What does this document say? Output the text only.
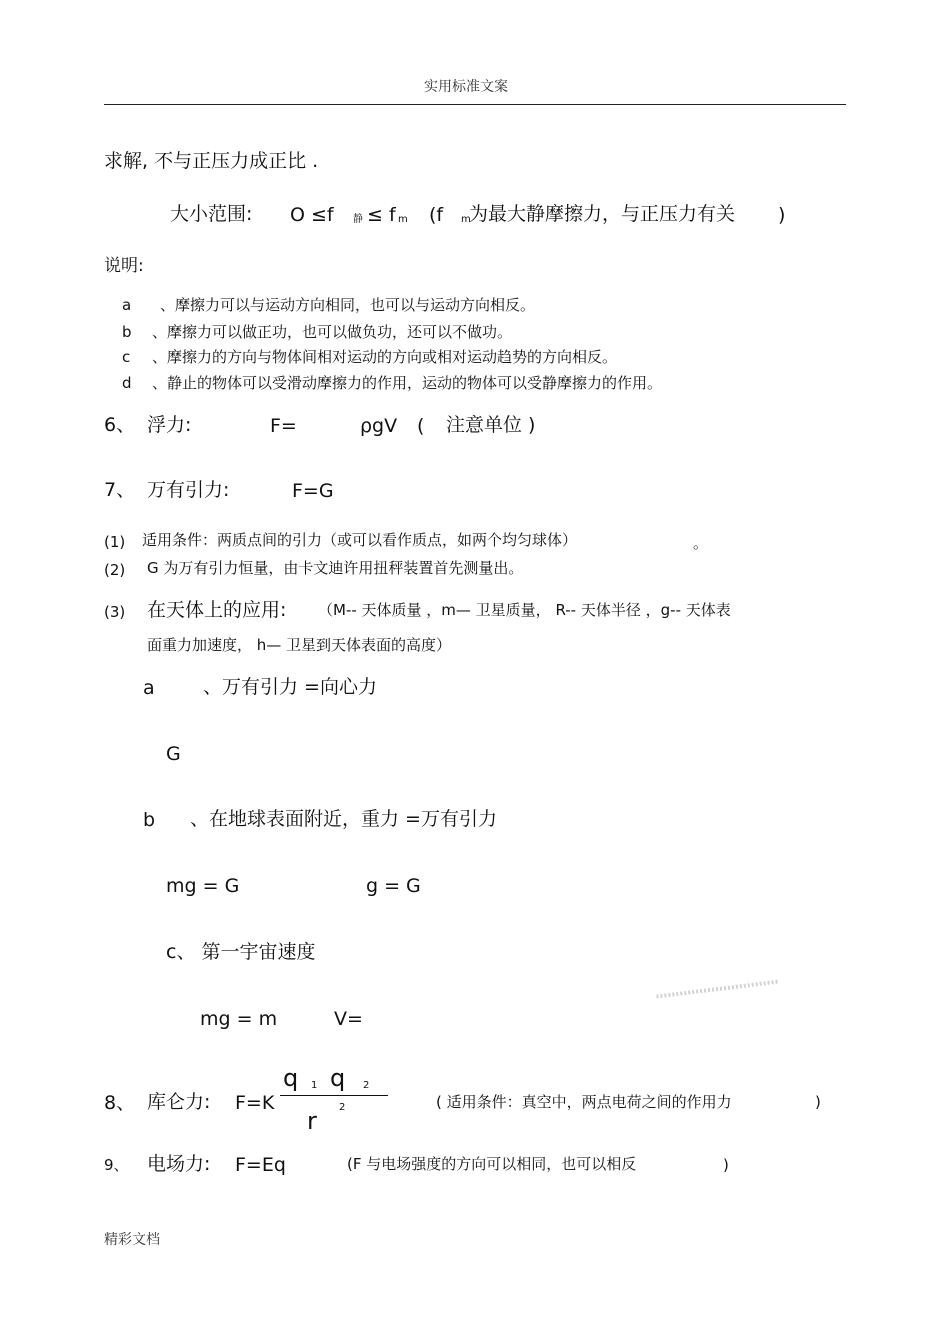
实用标准文案
求解, 不与正压力成正比 .
大小范围: O ≤f 静 ≤ f m (f m
为最大静摩擦力，与正压力有关 )
说明:
a 、摩擦力可以与运动方向相同，也可以与运动方向相反。
b 、摩擦力可以做正功，也可以做负功，还可以不做功。
c 、摩擦力的方向与物体间相对运动的方向或相对运动趋势的方向相反。
d 、静止的物体可以受滑动摩擦力的作用，运动的物体可以受静摩擦力的作用。
6、 浮力:	F=	ρgV ( 注意单位 )
7、 万有引力:	F=G
(1) 适用条件：两质点间的引力（或可以看作质点，如两个均匀球体）	。
(2) G 为万有引力恒量，由卡文迪许用扭秤装置首先测量出。
(3) 在天体上的应用: （M-- 天体质量 ，m— 卫星质量， R-- 天体半径 ，g-- 天体表
面重力加速度， h— 卫星到天体表面的高度）
a	、万有引力 =向心力
G
b 、在地球表面附近，重力 =万有引力
mg = G	g = G
c、 第一宇宙速度
mg = m	V=
8、 库仑力: F=K
q 1 q 2
r 2	( 适用条件：真空中，两点电荷之间的作用力	)
9、 电场力: F=Eq	(F 与电场强度的方向可以相同，也可以相反	)
精彩文档
